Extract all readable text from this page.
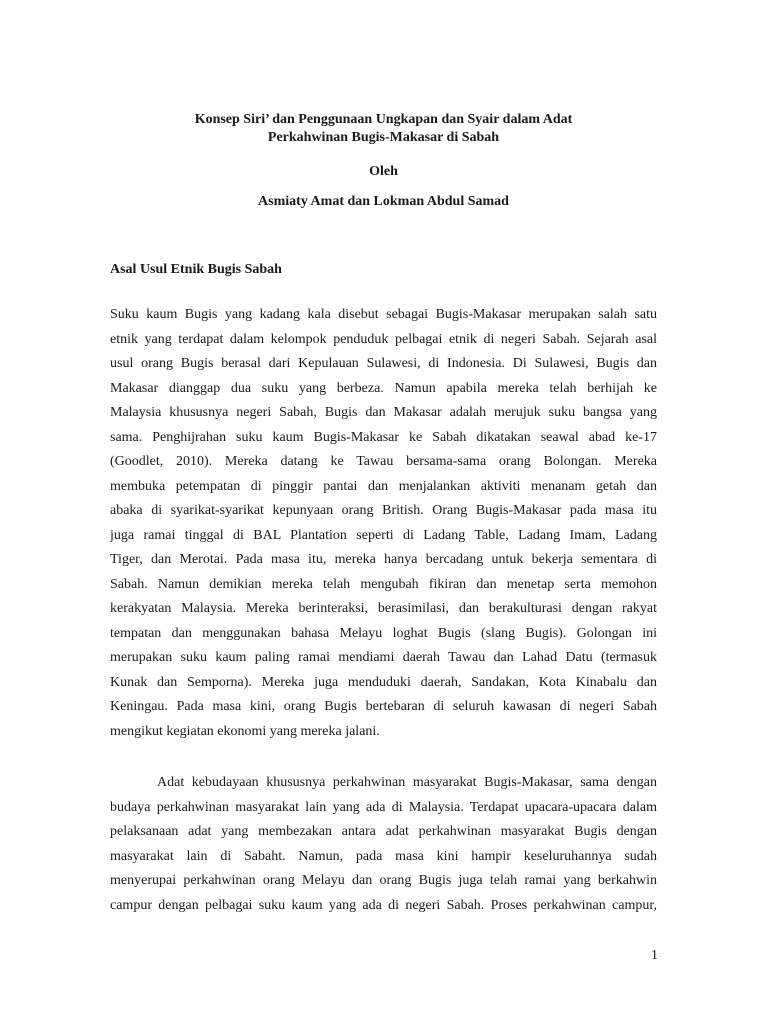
Konsep Siri’ dan Penggunaan Ungkapan dan Syair dalam Adat
Perkahwinan Bugis-Makasar di Sabah
Oleh
Asmiaty Amat dan Lokman Abdul Samad
Asal Usul Etnik Bugis Sabah
Suku kaum Bugis yang kadang kala disebut sebagai Bugis-Makasar merupakan salah satu
etnik yang terdapat dalam kelompok penduduk pelbagai etnik di negeri Sabah. Sejarah asal
usul orang Bugis berasal dari Kepulauan Sulawesi, di Indonesia. Di Sulawesi, Bugis dan
Makasar dianggap dua suku yang berbeza. Namun apabila mereka telah berhijah ke
Malaysia khususnya negeri Sabah, Bugis dan Makasar adalah merujuk suku bangsa yang
sama. Penghijrahan suku kaum Bugis-Makasar ke Sabah dikatakan seawal abad ke-17
(Goodlet, 2010). Mereka datang ke Tawau bersama-sama orang Bolongan. Mereka
membuka petempatan di pinggir pantai dan menjalankan aktiviti menanam getah dan
abaka di syarikat-syarikat kepunyaan orang British. Orang Bugis-Makasar pada masa itu
juga ramai tinggal di BAL Plantation seperti di Ladang Table, Ladang Imam, Ladang
Tiger, dan Merotai. Pada masa itu, mereka hanya bercadang untuk bekerja sementara di
Sabah. Namun demikian mereka telah mengubah fikiran dan menetap serta memohon
kerakyatan Malaysia. Mereka berinteraksi, berasimilasi, dan berakulturasi dengan rakyat
tempatan dan menggunakan bahasa Melayu loghat Bugis (slang Bugis). Golongan ini
merupakan suku kaum paling ramai mendiami daerah Tawau dan Lahad Datu (termasuk
Kunak dan Semporna). Mereka juga menduduki daerah, Sandakan, Kota Kinabalu dan
Keningau. Pada masa kini, orang Bugis bertebaran di seluruh kawasan di negeri Sabah
mengikut kegiatan ekonomi yang mereka jalani.
Adat kebudayaan khususnya perkahwinan masyarakat Bugis-Makasar, sama dengan
budaya perkahwinan masyarakat lain yang ada di Malaysia. Terdapat upacara-upacara dalam
pelaksanaan adat yang membezakan antara adat perkahwinan masyarakat Bugis dengan
masyarakat lain di Sabaht. Namun, pada masa kini hampir keseluruhannya sudah
menyerupai perkahwinan orang Melayu dan orang Bugis juga telah ramai yang berkahwin
campur dengan pelbagai suku kaum yang ada di negeri Sabah. Proses perkahwinan campur,
1
